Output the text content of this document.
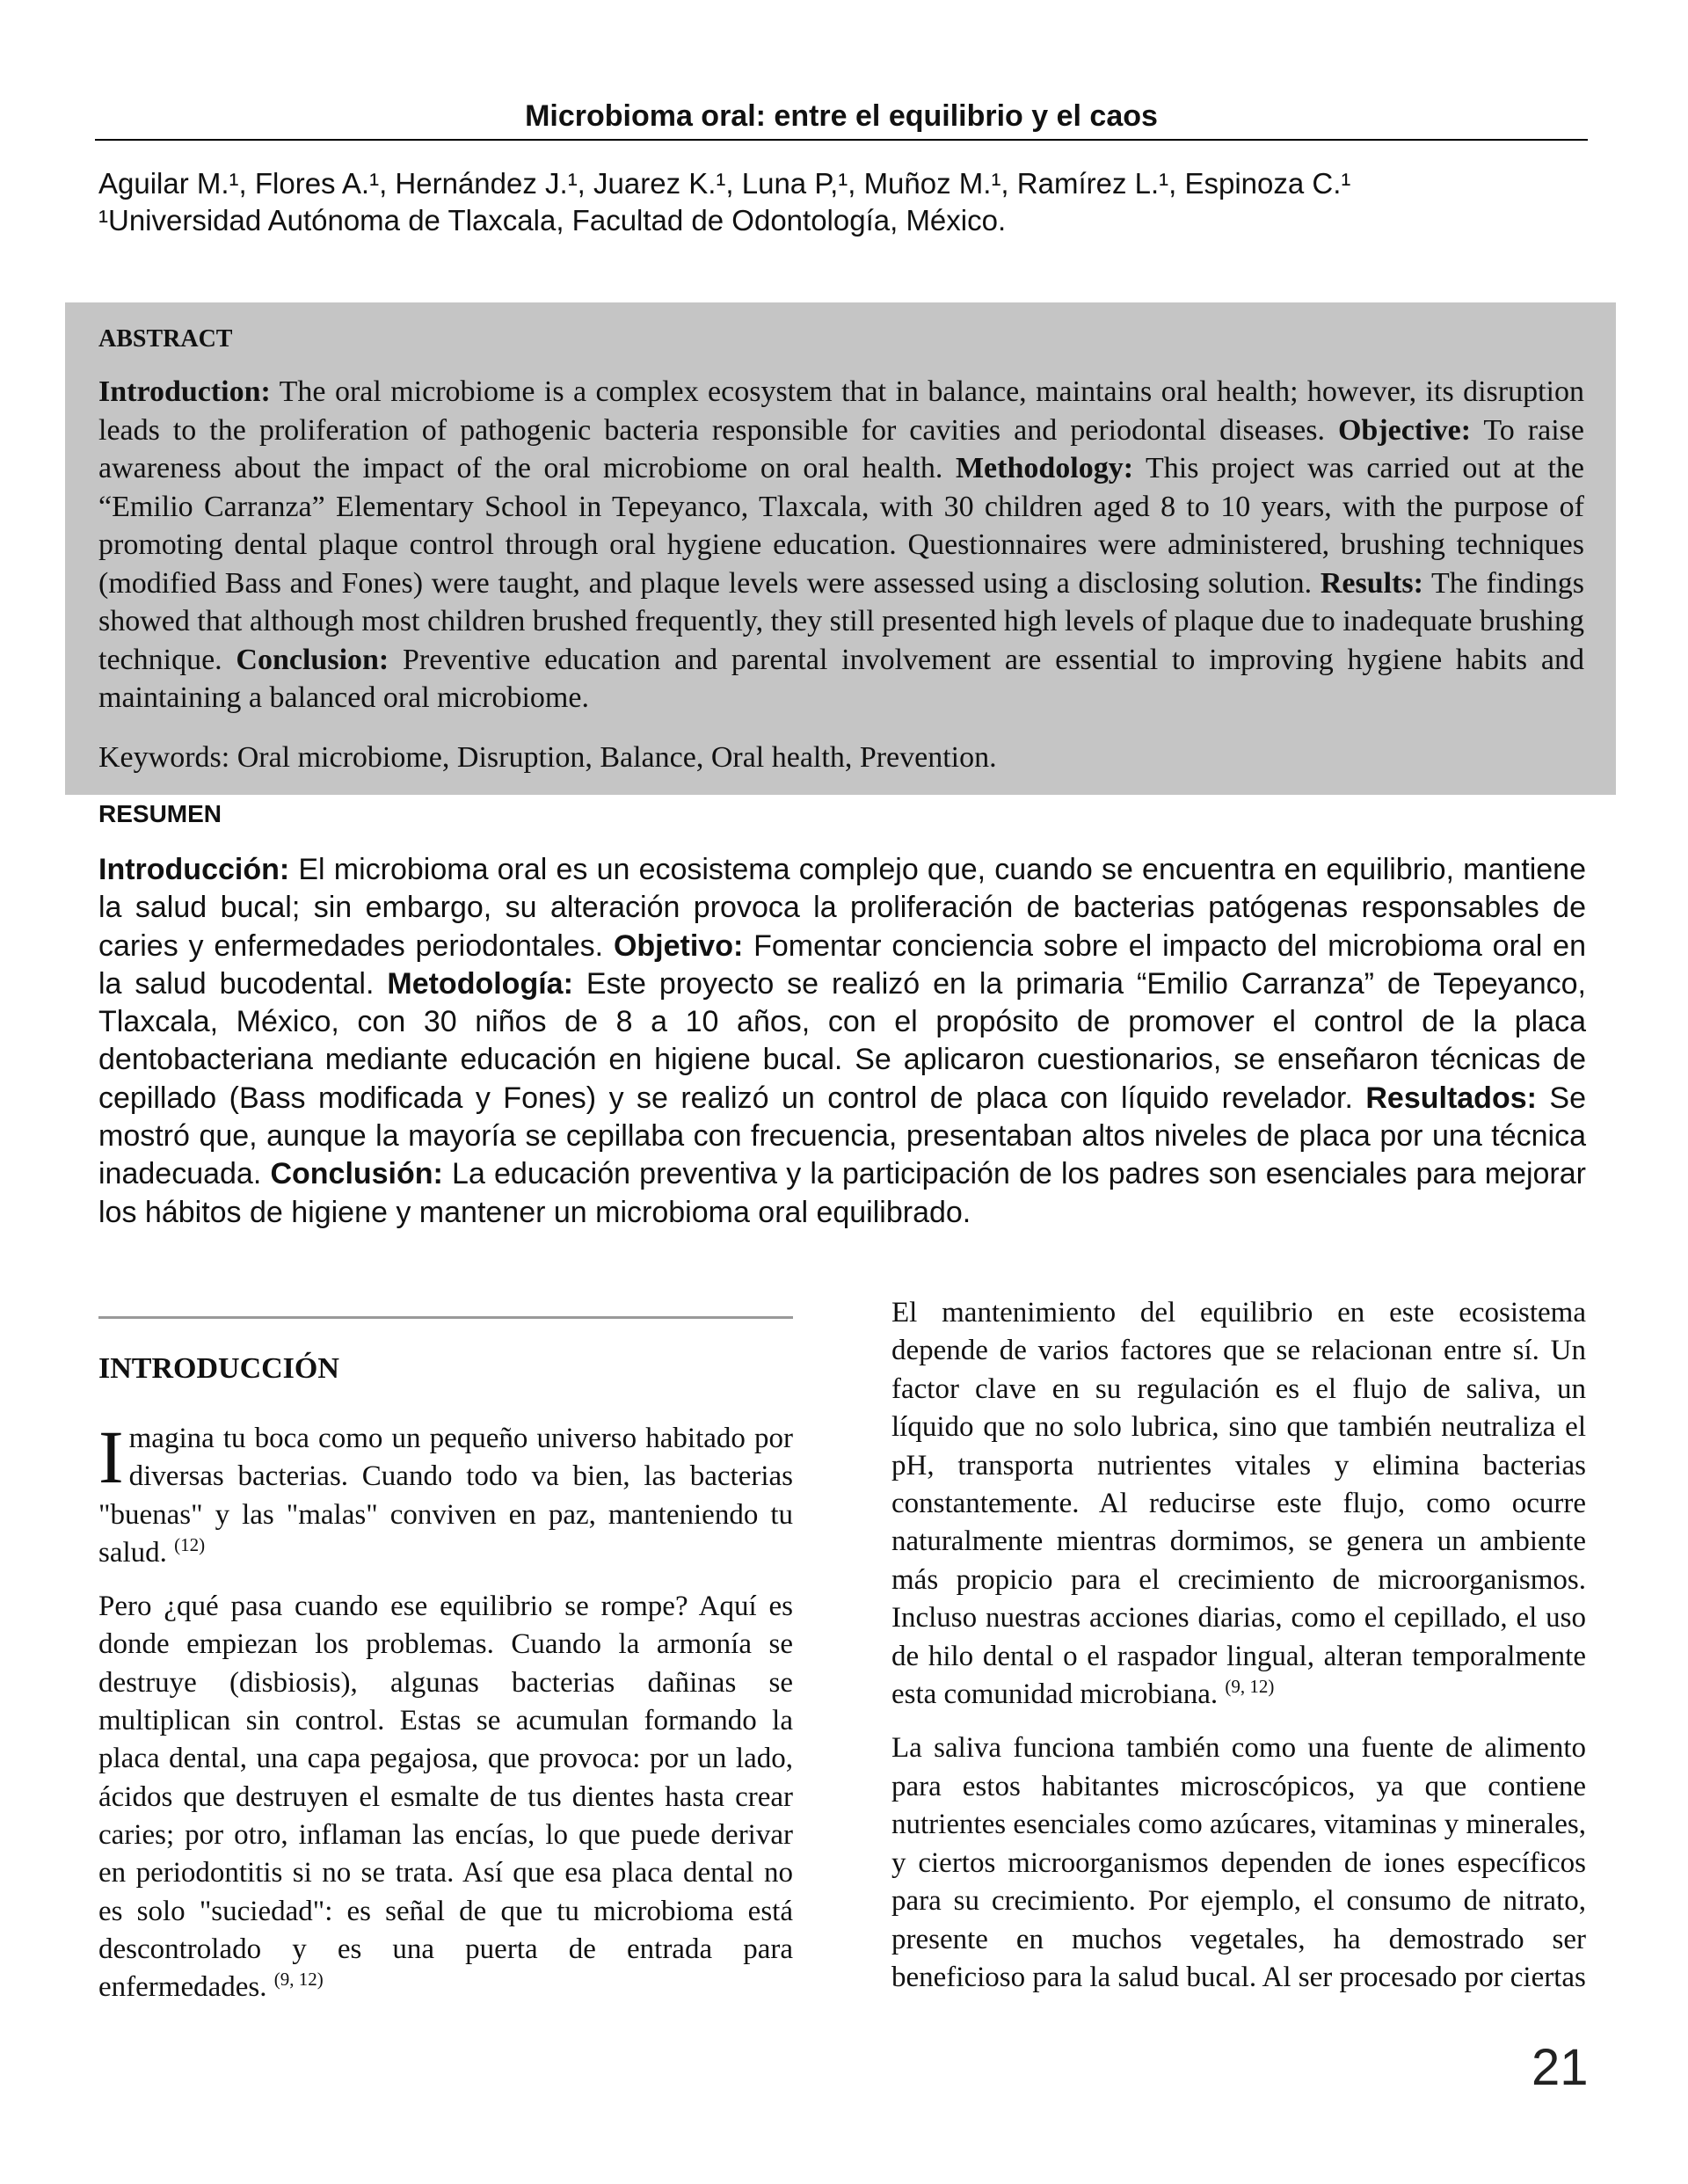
Microbioma oral: entre el equilibrio y el caos
Aguilar M.¹, Flores A.¹, Hernández J.¹, Juarez K.¹, Luna P,¹, Muñoz M.¹, Ramírez L.¹, Espinoza C.¹
¹Universidad Autónoma de Tlaxcala, Facultad de Odontología, México.
ABSTRACT

Introduction: The oral microbiome is a complex ecosystem that in balance, maintains oral health; however, its disruption leads to the proliferation of pathogenic bacteria responsible for cavities and periodontal diseases. Objective: To raise awareness about the impact of the oral microbiome on oral health. Methodology: This project was carried out at the “Emilio Carranza” Elementary School in Tepeyanco, Tlaxcala, with 30 children aged 8 to 10 years, with the purpose of promoting dental plaque control through oral hygiene education. Questionnaires were administered, brushing techniques (modified Bass and Fones) were taught, and plaque levels were assessed using a disclosing solution. Results: The findings showed that although most children brushed frequently, they still presented high levels of plaque due to inadequate brushing technique. Conclusion: Preventive education and parental involvement are essential to improving hygiene habits and maintaining a balanced oral microbiome.

Keywords: Oral microbiome, Disruption, Balance, Oral health, Prevention.

RESUMEN

Introducción: El microbioma oral es un ecosistema complejo que, cuando se encuentra en equilibrio, mantiene la salud bucal; sin embargo, su alteración provoca la proliferación de bacterias patógenas responsables de caries y enfermedades periodontales. Objetivo: Fomentar conciencia sobre el impacto del microbioma oral en la salud bucodental. Metodología: Este proyecto se realizó en la primaria “Emilio Carranza” de Tepeyanco, Tlaxcala, México, con 30 niños de 8 a 10 años, con el propósito de promover el control de la placa dentobacteriana mediante educación en higiene bucal. Se aplicaron cuestionarios, se enseñaron técnicas de cepillado (Bass modificada y Fones) y se realizó un control de placa con líquido revelador. Resultados: Se mostró que, aunque la mayoría se cepillaba con frecuencia, presentaban altos niveles de placa por una técnica inadecuada. Conclusión: La educación preventiva y la participación de los padres son esenciales para mejorar los hábitos de higiene y mantener un microbioma oral equilibrado.

INTRODUCCIÓN

Imagina tu boca como un pequeño universo habitado por diversas bacterias. Cuando todo va bien, las bacterias "buenas" y las "malas" conviven en paz, manteniendo tu salud. $^{(12)}$

Pero ¿qué pasa cuando ese equilibrio se rompe? Aquí es donde empiezan los problemas. Cuando la armonía se destruye (disbiosis), algunas bacterias dañinas se multiplican sin control. Estas se acumulan formando la placa dental, una capa pegajosa, que provoca: por un lado, ácidos que destruyen el esmalte de tus dientes hasta crear caries; por otro, inflaman las encías, lo que puede derivar en periodontitis si no se trata. Así que esa placa dental no es solo "suciedad": es señal de que tu microbioma está descontrolado y es una puerta de entrada para enfermedades. $^{(9, 12)}$

El mantenimiento del equilibrio en este ecosistema depende de varios factores que se relacionan entre sí. Un factor clave en su regulación es el flujo de saliva, un líquido que no solo lubrica, sino que también neutraliza el pH, transporta nutrientes vitales y elimina bacterias constantemente. Al reducirse este flujo, como ocurre naturalmente mientras dormimos, se genera un ambiente más propicio para el crecimiento de microorganismos. Incluso nuestras acciones diarias, como el cepillado, el uso de hilo dental o el raspador lingual, alteran temporalmente esta comunidad microbiana. $^{(9, 12)}$

La saliva funciona también como una fuente de alimento para estos habitantes microscópicos, ya que contiene nutrientes esenciales como azúcares, vitaminas y minerales, y ciertos microorganismos dependen de iones específicos para su crecimiento. Por ejemplo, el consumo de nitrato, presente en muchos vegetales, ha demostrado ser beneficioso para la salud bucal. Al ser procesado por ciertas

21
